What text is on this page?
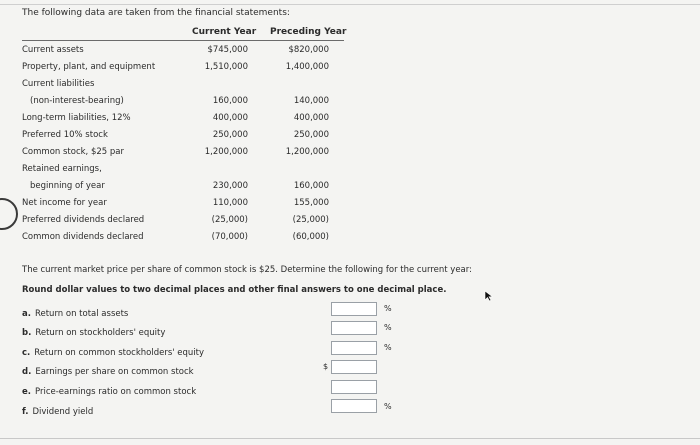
The following data are taken from the financial statements:
Current Year Preceding Year
Current assets	$745,000	$820,000
Property, plant, and equipment	1,510,000	1,400,000
Current liabilities
(non-interest-bearing)	160,000	140,000
Long-term liabilities, 12%	400,000	400,000
Preferred 10% stock	250,000	250,000
Common stock, $25 par	1,200,000	1,200,000
Retained earnings,
beginning of year	230,000	160,000
Net income for year	110,000	155,000
Preferred dividends declared	(25,000)	(25,000)
Common dividends declared	(70,000)	(60,000)
The current market price per share of common stock is $25. Determine the following for the current year:
Round dollar values to two decimal places and other final answers to one decimal place.
a. Return on total assets
%
b. Return on stockholders' equity
%
c. Return on common stockholders' equity
%
d. Earnings per share on common stock
$
e. Price-earnings ratio on common stock
f. Dividend yield
%
